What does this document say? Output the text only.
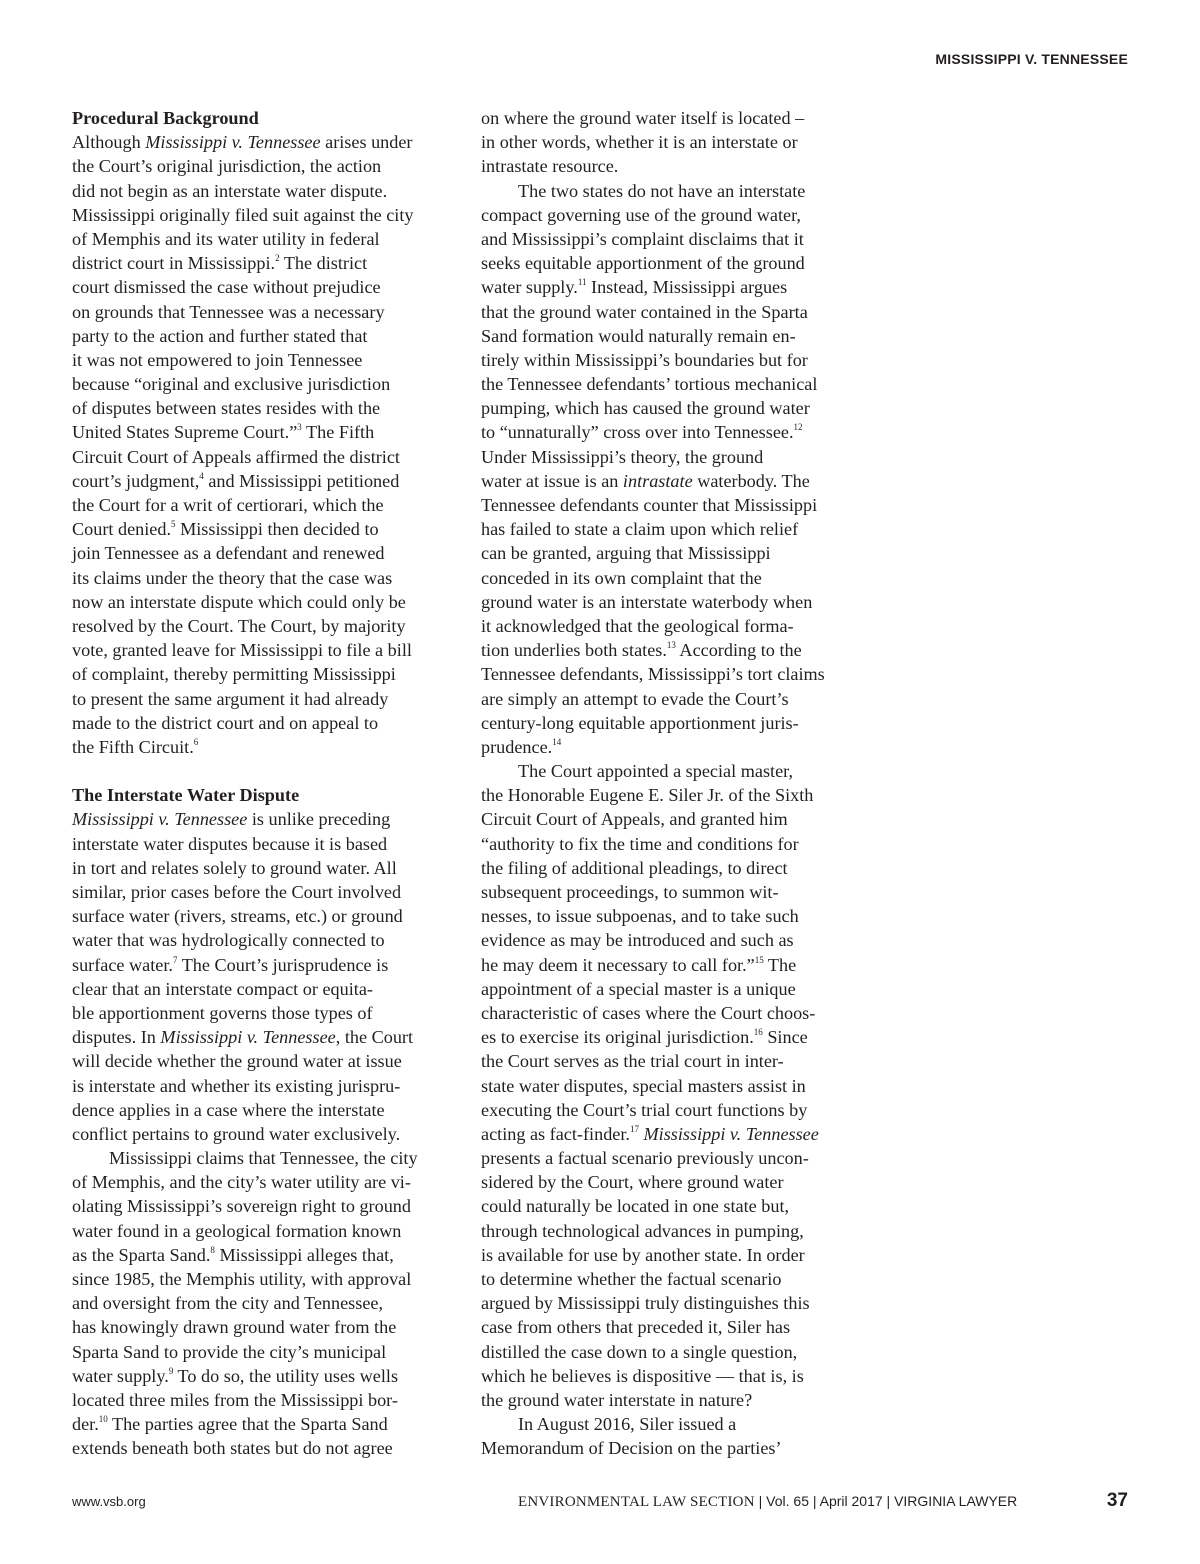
MISSISSIPPI V. TENNESSEE
Procedural Background
Although Mississippi v. Tennessee arises under
the Court’s original jurisdiction, the action
did not begin as an interstate water dispute.
Mississippi originally filed suit against the city
of Memphis and its water utility in federal
district court in Mississippi.$^2$ The district
court dismissed the case without prejudice
on grounds that Tennessee was a necessary
party to the action and further stated that
it was not empowered to join Tennessee
because “original and exclusive jurisdiction
of disputes between states resides with the
United States Supreme Court.”$^3$ The Fifth
Circuit Court of Appeals affirmed the district
court’s judgment,$^4$ and Mississippi petitioned
the Court for a writ of certiorari, which the
Court denied.$^5$ Mississippi then decided to
join Tennessee as a defendant and renewed
its claims under the theory that the case was
now an interstate dispute which could only be
resolved by the Court. The Court, by majority
vote, granted leave for Mississippi to file a bill
of complaint, thereby permitting Mississippi
to present the same argument it had already
made to the district court and on appeal to
the Fifth Circuit.$^6$
The Interstate Water Dispute
Mississippi v. Tennessee is unlike preceding
interstate water disputes because it is based
in tort and relates solely to ground water. All
similar, prior cases before the Court involved
surface water (rivers, streams, etc.) or ground
water that was hydrologically connected to
surface water.$^7$ The Court’s jurisprudence is
clear that an interstate compact or equita-
ble apportionment governs those types of
disputes. In Mississippi v. Tennessee, the Court
will decide whether the ground water at issue
is interstate and whether its existing jurispru-
dence applies in a case where the interstate
conflict pertains to ground water exclusively.
Mississippi claims that Tennessee, the city
of Memphis, and the city’s water utility are vi-
olating Mississippi’s sovereign right to ground
water found in a geological formation known
as the Sparta Sand.$^8$ Mississippi alleges that,
since 1985, the Memphis utility, with approval
and oversight from the city and Tennessee,
has knowingly drawn ground water from the
Sparta Sand to provide the city’s municipal
water supply.$^9$ To do so, the utility uses wells
located three miles from the Mississippi bor-
der.$^{10}$ The parties agree that the Sparta Sand
extends beneath both states but do not agree
on where the ground water itself is located –
in other words, whether it is an interstate or
intrastate resource.
The two states do not have an interstate
compact governing use of the ground water,
and Mississippi’s complaint disclaims that it
seeks equitable apportionment of the ground
water supply.$^{11}$ Instead, Mississippi argues
that the ground water contained in the Sparta
Sand formation would naturally remain en-
tirely within Mississippi’s boundaries but for
the Tennessee defendants’ tortious mechanical
pumping, which has caused the ground water
to “unnaturally” cross over into Tennessee.$^{12}$
Under Mississippi’s theory, the ground
water at issue is an intrastate waterbody. The
Tennessee defendants counter that Mississippi
has failed to state a claim upon which relief
can be granted, arguing that Mississippi
conceded in its own complaint that the
ground water is an interstate waterbody when
it acknowledged that the geological forma-
tion underlies both states.$^{13}$ According to the
Tennessee defendants, Mississippi’s tort claims
are simply an attempt to evade the Court’s
century-long equitable apportionment juris-
prudence.$^{14}$
The Court appointed a special master,
the Honorable Eugene E. Siler Jr. of the Sixth
Circuit Court of Appeals, and granted him
“authority to fix the time and conditions for
the filing of additional pleadings, to direct
subsequent proceedings, to summon wit-
nesses, to issue subpoenas, and to take such
evidence as may be introduced and such as
he may deem it necessary to call for.”$^{15}$ The
appointment of a special master is a unique
characteristic of cases where the Court choos-
es to exercise its original jurisdiction.$^{16}$ Since
the Court serves as the trial court in inter-
state water disputes, special masters assist in
executing the Court’s trial court functions by
acting as fact-finder.$^{17}$ Mississippi v. Tennessee
presents a factual scenario previously uncon-
sidered by the Court, where ground water
could naturally be located in one state but,
through technological advances in pumping,
is available for use by another state. In order
to determine whether the factual scenario
argued by Mississippi truly distinguishes this
case from others that preceded it, Siler has
distilled the case down to a single question,
which he believes is dispositive — that is, is
the ground water interstate in nature?
In August 2016, Siler issued a
Memorandum of Decision on the parties’
www.vsb.org	ENVIRONMENTAL LAW SECTION | Vol. 65 | April 2017 | VIRGINIA LAWYER	37
